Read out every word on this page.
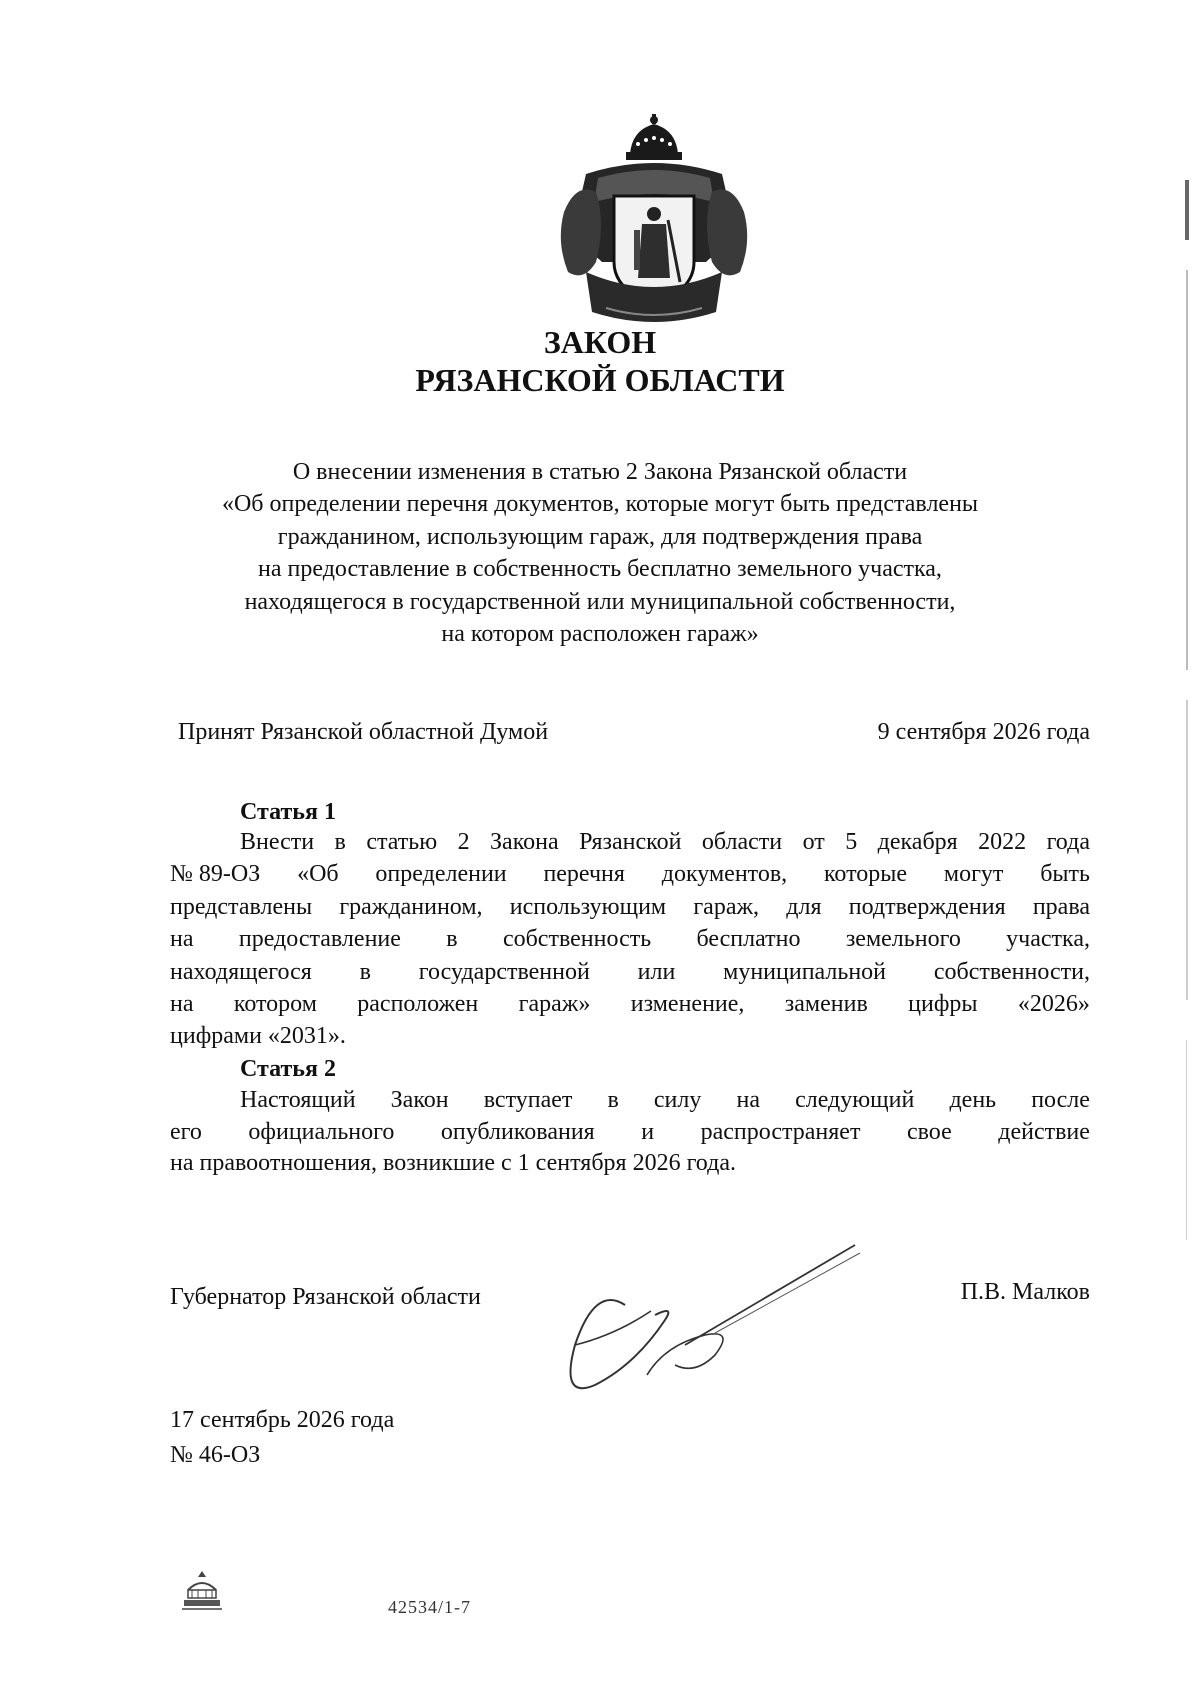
ЗАКОН
РЯЗАНСКОЙ ОБЛАСТИ
О внесении изменения в статью 2 Закона Рязанской области
«Об определении перечня документов, которые могут быть представлены
гражданином, использующим гараж, для подтверждения права
на предоставление в собственность бесплатно земельного участка,
находящегося в государственной или муниципальной собственности,
на котором расположен гараж»
Принят Рязанской областной Думой	9 сентября 2026 года
Статья 1
Внести в статью 2 Закона Рязанской области от 5 декабря 2022 года
№ 89-ОЗ «Об определении перечня документов, которые могут быть
представлены гражданином, использующим гараж, для подтверждения права
на предоставление в собственность бесплатно земельного участка,
находящегося в государственной или муниципальной собственности,
на котором расположен гараж» изменение, заменив цифры «2026»
цифрами «2031».
Статья 2
Настоящий Закон вступает в силу на следующий день после
его официального опубликования и распространяет свое действие
на правоотношения, возникшие с 1 сентября 2026 года.
Губернатор Рязанской области	П.В. Малков
17 сентябрь 2026 года
№ 46-ОЗ
42534/1-7
